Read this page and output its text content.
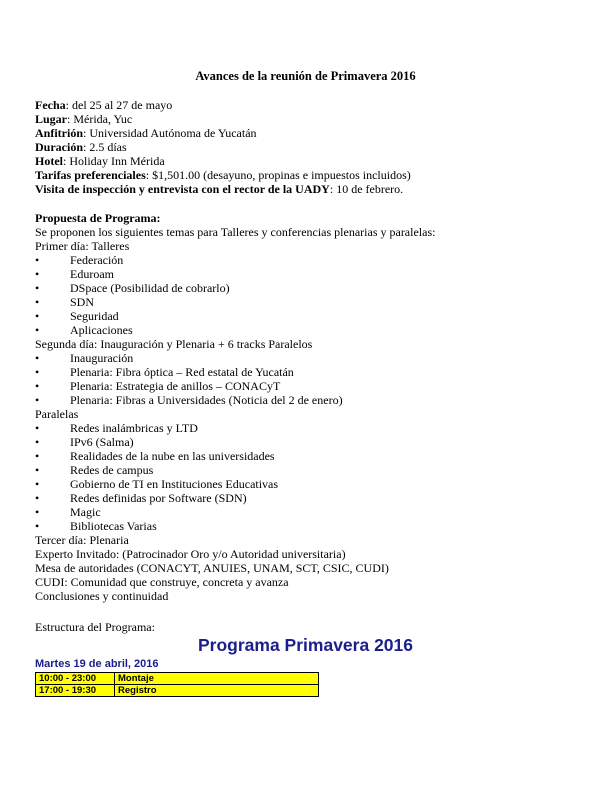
Avances de la reunión de Primavera 2016
Fecha: del 25 al 27 de mayo
Lugar: Mérida, Yuc
Anfitrión: Universidad Autónoma de Yucatán
Duración: 2.5 días
Hotel: Holiday Inn Mérida
Tarifas preferenciales: $1,501.00 (desayuno, propinas e impuestos incluidos)
Visita de inspección y entrevista con el rector de la UADY: 10 de febrero.
Propuesta de Programa:
Se proponen los siguientes temas para Talleres y conferencias plenarias y paralelas:
Primer día: Talleres
•	Federación
•	Eduroam
•	DSpace (Posibilidad de cobrarlo)
•	SDN
•	Seguridad
•	Aplicaciones
Segunda día: Inauguración y Plenaria + 6 tracks Paralelos
•	Inauguración
•	Plenaria: Fibra óptica – Red estatal de Yucatán
•	Plenaria: Estrategia de anillos – CONACyT
•	Plenaria: Fibras a Universidades (Noticia del 2 de enero)
Paralelas
•	Redes inalámbricas y LTD
•	IPv6 (Salma)
•	Realidades de la nube en las universidades
•	Redes de campus
•	Gobierno de TI en Instituciones Educativas
•	Redes definidas por Software (SDN)
•	Magic
•	Bibliotecas Varias
Tercer día: Plenaria
Experto Invitado: (Patrocinador Oro y/o Autoridad universitaria)
Mesa de autoridades (CONACYT, ANUIES, UNAM, SCT, CSIC, CUDI)
CUDI: Comunidad que construye, concreta y avanza
Conclusiones y continuidad
Estructura del Programa:
Programa Primavera 2016
Martes 19 de abril, 2016
10:00 - 23:00	Montaje
17:00 - 19:30	Registro
